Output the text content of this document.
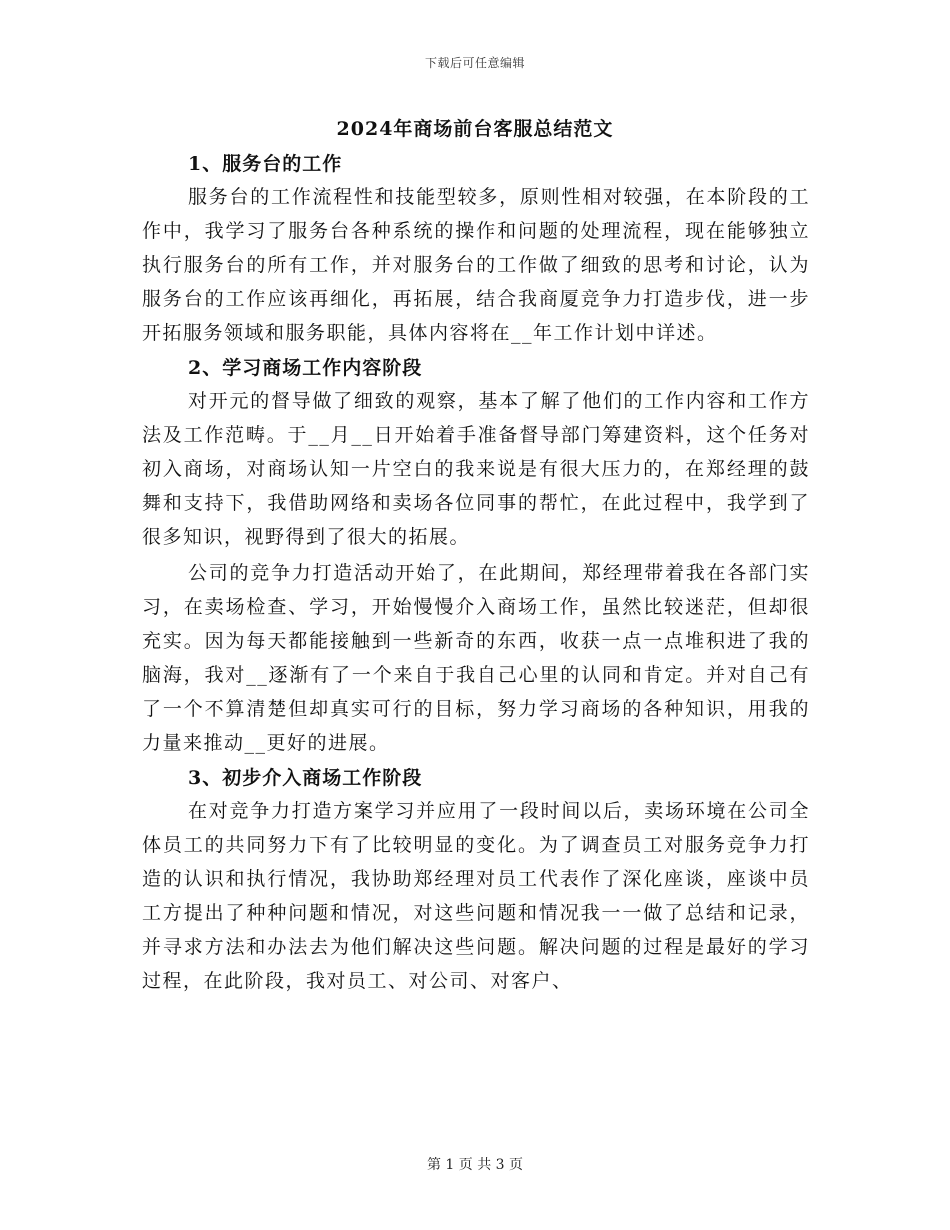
下载后可任意编辑
2024年商场前台客服总结范文

1、服务台的工作

服务台的工作流程性和技能型较多，原则性相对较强，在本阶段的工作中，我学习了服务台各种系统的操作和问题的处理流程，现在能够独立执行服务台的所有工作，并对服务台的工作做了细致的思考和讨论，认为服务台的工作应该再细化，再拓展，结合我商厦竞争力打造步伐，进一步开拓服务领域和服务职能，具体内容将在__年工作计划中详述。

2、学习商场工作内容阶段

对开元的督导做了细致的观察，基本了解了他们的工作内容和工作方法及工作范畴。于__月__日开始着手准备督导部门筹建资料，这个任务对初入商场，对商场认知一片空白的我来说是有很大压力的，在郑经理的鼓舞和支持下，我借助网络和卖场各位同事的帮忙，在此过程中，我学到了很多知识，视野得到了很大的拓展。

公司的竞争力打造活动开始了，在此期间，郑经理带着我在各部门实习，在卖场检查、学习，开始慢慢介入商场工作，虽然比较迷茫，但却很充实。因为每天都能接触到一些新奇的东西，收获一点一点堆积进了我的脑海，我对__逐渐有了一个来自于我自己心里的认同和肯定。并对自己有了一个不算清楚但却真实可行的目标，努力学习商场的各种知识，用我的力量来推动__更好的进展。

3、初步介入商场工作阶段

在对竞争力打造方案学习并应用了一段时间以后，卖场环境在公司全体员工的共同努力下有了比较明显的变化。为了调查员工对服务竞争力打造的认识和执行情况，我协助郑经理对员工代表作了深化座谈，座谈中员工方提出了种种问题和情况，对这些问题和情况我一一做了总结和记录，并寻求方法和办法去为他们解决这些问题。解决问题的过程是最好的学习过程，在此阶段，我对员工、对公司、对客户、

第 1 页 共 3 页
